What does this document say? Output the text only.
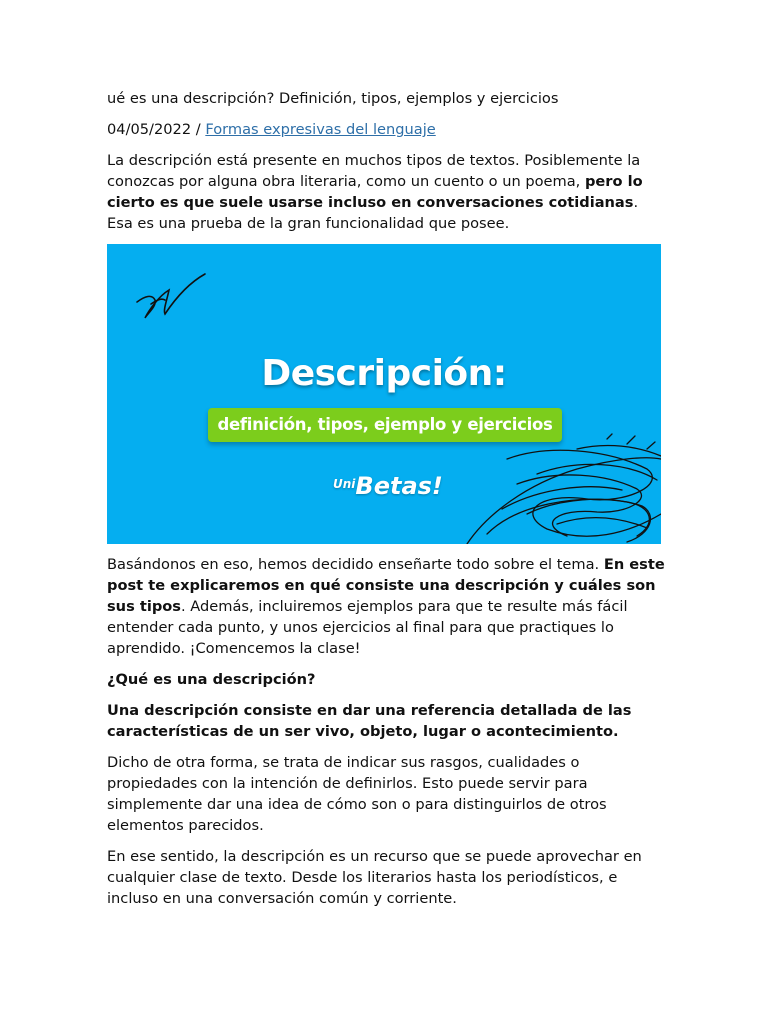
ué es una descripción? Definición, tipos, ejemplos y ejercicios

04/05/2022 / Formas expresivas del lenguaje

La descripción está presente en muchos tipos de textos. Posiblemente la conozcas por alguna obra literaria, como un cuento o un poema, pero lo cierto es que suele usarse incluso en conversaciones cotidianas. Esa es una prueba de la gran funcionalidad que posee.

Descripción:
definición, tipos, ejemplo y ejercicios
$^{Uni}$Betas!

Basándonos en eso, hemos decidido enseñarte todo sobre el tema. En este post te explicaremos en qué consiste una descripción y cuáles son sus tipos. Además, incluiremos ejemplos para que te resulte más fácil entender cada punto, y unos ejercicios al final para que practiques lo aprendido. ¡Comencemos la clase!

¿Qué es una descripción?

Una descripción consiste en dar una referencia detallada de las características de un ser vivo, objeto, lugar o acontecimiento.

Dicho de otra forma, se trata de indicar sus rasgos, cualidades o propiedades con la intención de definirlos. Esto puede servir para simplemente dar una idea de cómo son o para distinguirlos de otros elementos parecidos.

En ese sentido, la descripción es un recurso que se puede aprovechar en cualquier clase de texto. Desde los literarios hasta los periodísticos, e incluso en una conversación común y corriente.
